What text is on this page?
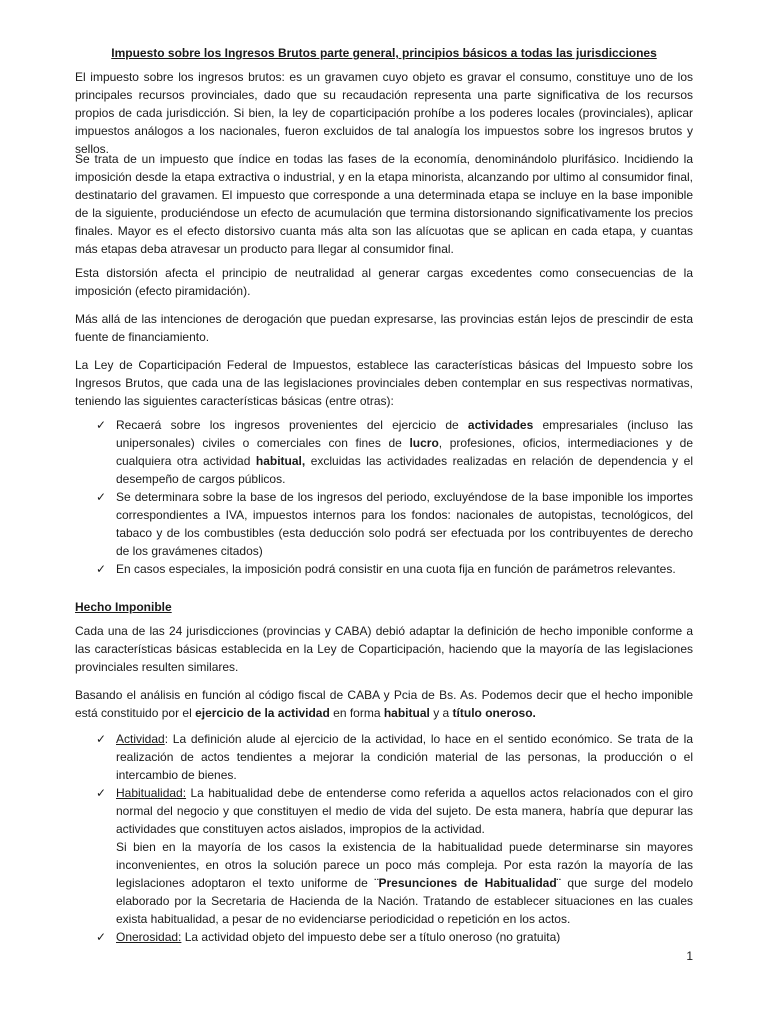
Impuesto sobre los Ingresos Brutos parte general, principios básicos a todas las jurisdicciones

El impuesto sobre los ingresos brutos: es un gravamen cuyo objeto es gravar el consumo, constituye uno de los principales recursos provinciales, dado que su recaudación representa una parte significativa de los recursos propios de cada jurisdicción. Si bien, la ley de coparticipación prohíbe a los poderes locales (provinciales), aplicar impuestos análogos a los nacionales, fueron excluidos de tal analogía los impuestos sobre los ingresos brutos y sellos.

Se trata de un impuesto que índice en todas las fases de la economía, denominándolo plurifásico. Incidiendo la imposición desde la etapa extractiva o industrial, y en la etapa minorista, alcanzando por ultimo al consumidor final, destinatario del gravamen. El impuesto que corresponde a una determinada etapa se incluye en la base imponible de la siguiente, produciéndose un efecto de acumulación que termina distorsionando significativamente los precios finales. Mayor es el efecto distorsivo cuanta más alta son las alícuotas que se aplican en cada etapa, y cuantas más etapas deba atravesar un producto para llegar al consumidor final.

Esta distorsión afecta el principio de neutralidad al generar cargas excedentes como consecuencias de la imposición (efecto piramidación).

Más allá de las intenciones de derogación que puedan expresarse, las provincias están lejos de prescindir de esta fuente de financiamiento.

La Ley de Coparticipación Federal de Impuestos, establece las características básicas del Impuesto sobre los Ingresos Brutos, que cada una de las legislaciones provinciales deben contemplar en sus respectivas normativas, teniendo las siguientes características básicas (entre otras):

✓ Recaerá sobre los ingresos provenientes del ejercicio de actividades empresariales (incluso las unipersonales) civiles o comerciales con fines de lucro, profesiones, oficios, intermediaciones y de cualquiera otra actividad habitual, excluidas las actividades realizadas en relación de dependencia y el desempeño de cargos públicos.
✓ Se determinara sobre la base de los ingresos del periodo, excluyéndose de la base imponible los importes correspondientes a IVA, impuestos internos para los fondos: nacionales de autopistas, tecnológicos, del tabaco y de los combustibles (esta deducción solo podrá ser efectuada por los contribuyentes de derecho de los gravámenes citados)
✓ En casos especiales, la imposición podrá consistir en una cuota fija en función de parámetros relevantes.

Hecho Imponible

Cada una de las 24 jurisdicciones (provincias y CABA) debió adaptar la definición de hecho imponible conforme a las características básicas establecida en la Ley de Coparticipación, haciendo que la mayoría de las legislaciones provinciales resulten similares.

Basando el análisis en función al código fiscal de CABA y Pcia de Bs. As. Podemos decir que el hecho imponible está constituido por el ejercicio de la actividad en forma habitual y a título oneroso.

✓ Actividad: La definición alude al ejercicio de la actividad, lo hace en el sentido económico. Se trata de la realización de actos tendientes a mejorar la condición material de las personas, la producción o el intercambio de bienes.
✓ Habitualidad: La habitualidad debe de entenderse como referida a aquellos actos relacionados con el giro normal del negocio y que constituyen el medio de vida del sujeto. De esta manera, habría que depurar las actividades que constituyen actos aislados, impropios de la actividad.
Si bien en la mayoría de los casos la existencia de la habitualidad puede determinarse sin mayores inconvenientes, en otros la solución parece un poco más compleja. Por esta razón la mayoría de las legislaciones adoptaron el texto uniforme de ¨Presunciones de Habitualidad¨ que surge del modelo elaborado por la Secretaria de Hacienda de la Nación. Tratando de establecer situaciones en las cuales exista habitualidad, a pesar de no evidenciarse periodicidad o repetición en los actos.
✓ Onerosidad: La actividad objeto del impuesto debe ser a título oneroso (no gratuita)

1
